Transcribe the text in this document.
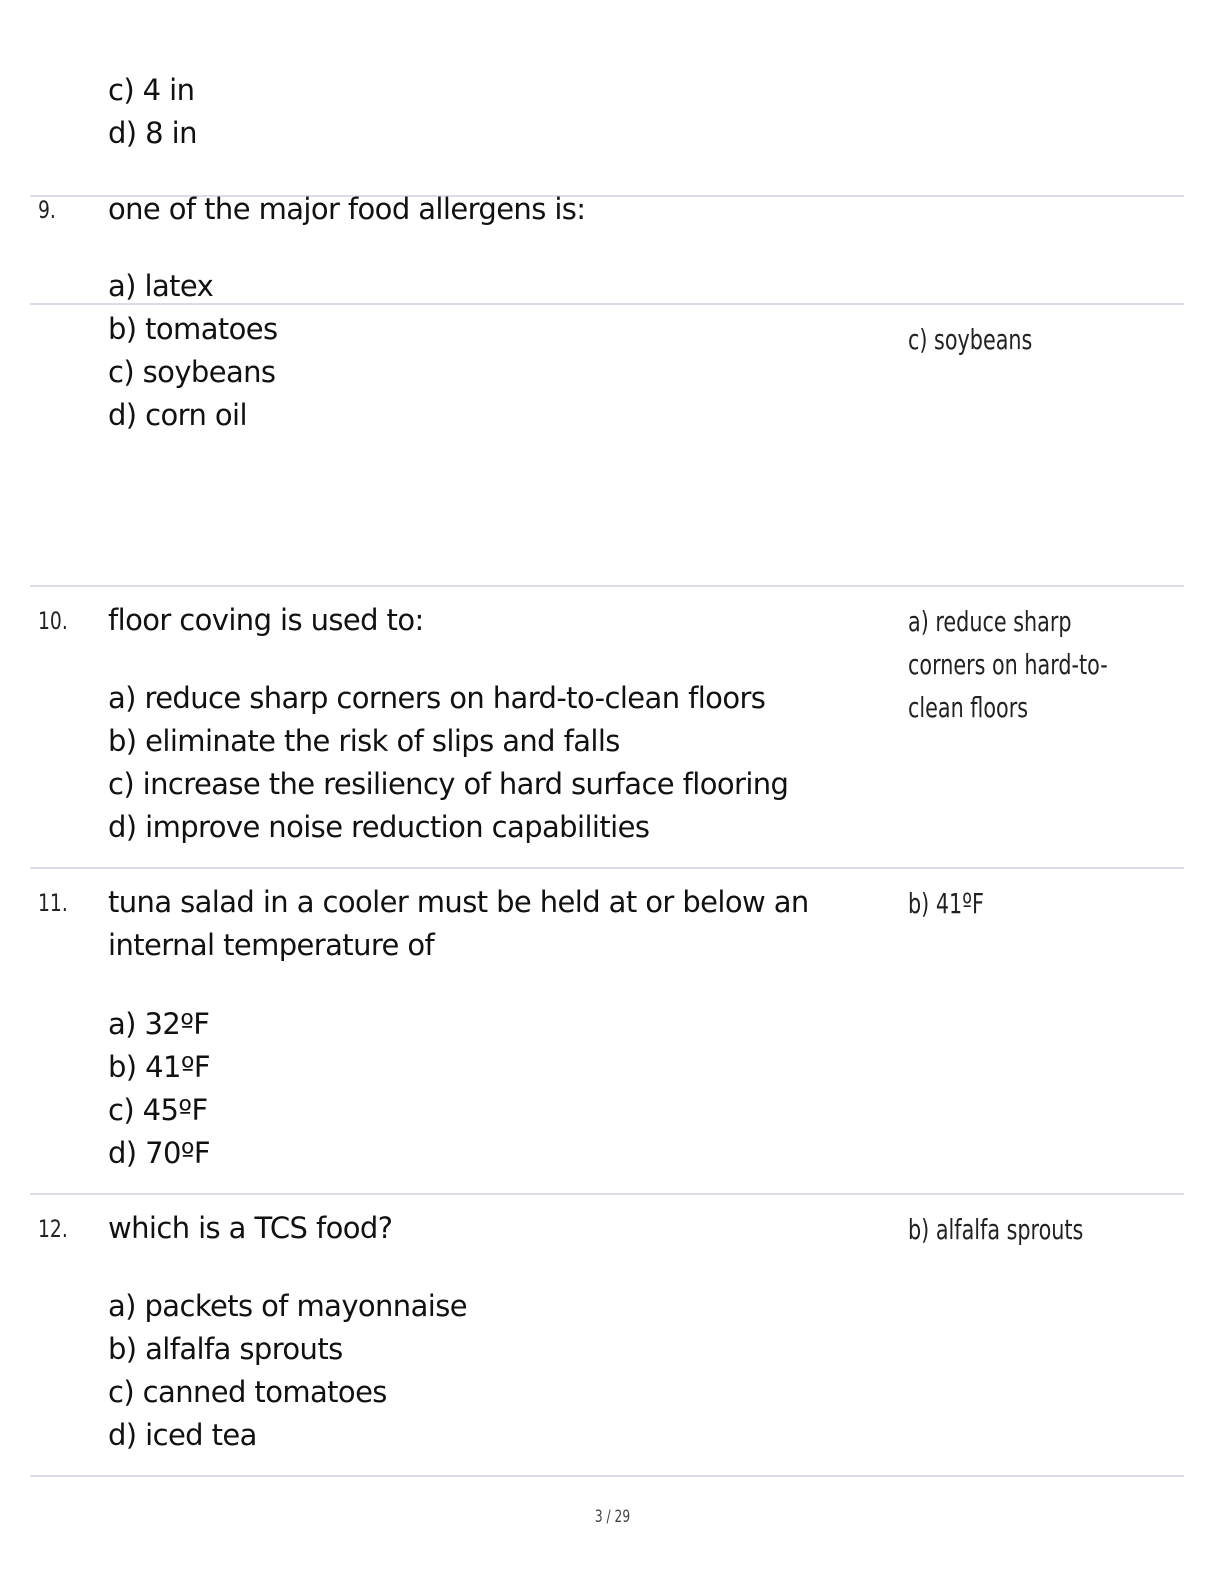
c) 4 in
d) 8 in
9. one of the major food allergens is:
a) latex
b) tomatoes
c) soybeans
d) corn oil
c) soybeans
10. floor coving is used to:
a) reduce sharp corners on hard-to-clean floors
b) eliminate the risk of slips and falls
c) increase the resiliency of hard surface flooring
d) improve noise reduction capabilities
a) reduce sharp corners on hard-to-clean floors
11. tuna salad in a cooler must be held at or below an internal temperature of
a) 32ºF
b) 41ºF
c) 45ºF
d) 70ºF
b) 41ºF
12. which is a TCS food?
a) packets of mayonnaise
b) alfalfa sprouts
c) canned tomatoes
d) iced tea
b) alfalfa sprouts
3 / 29
